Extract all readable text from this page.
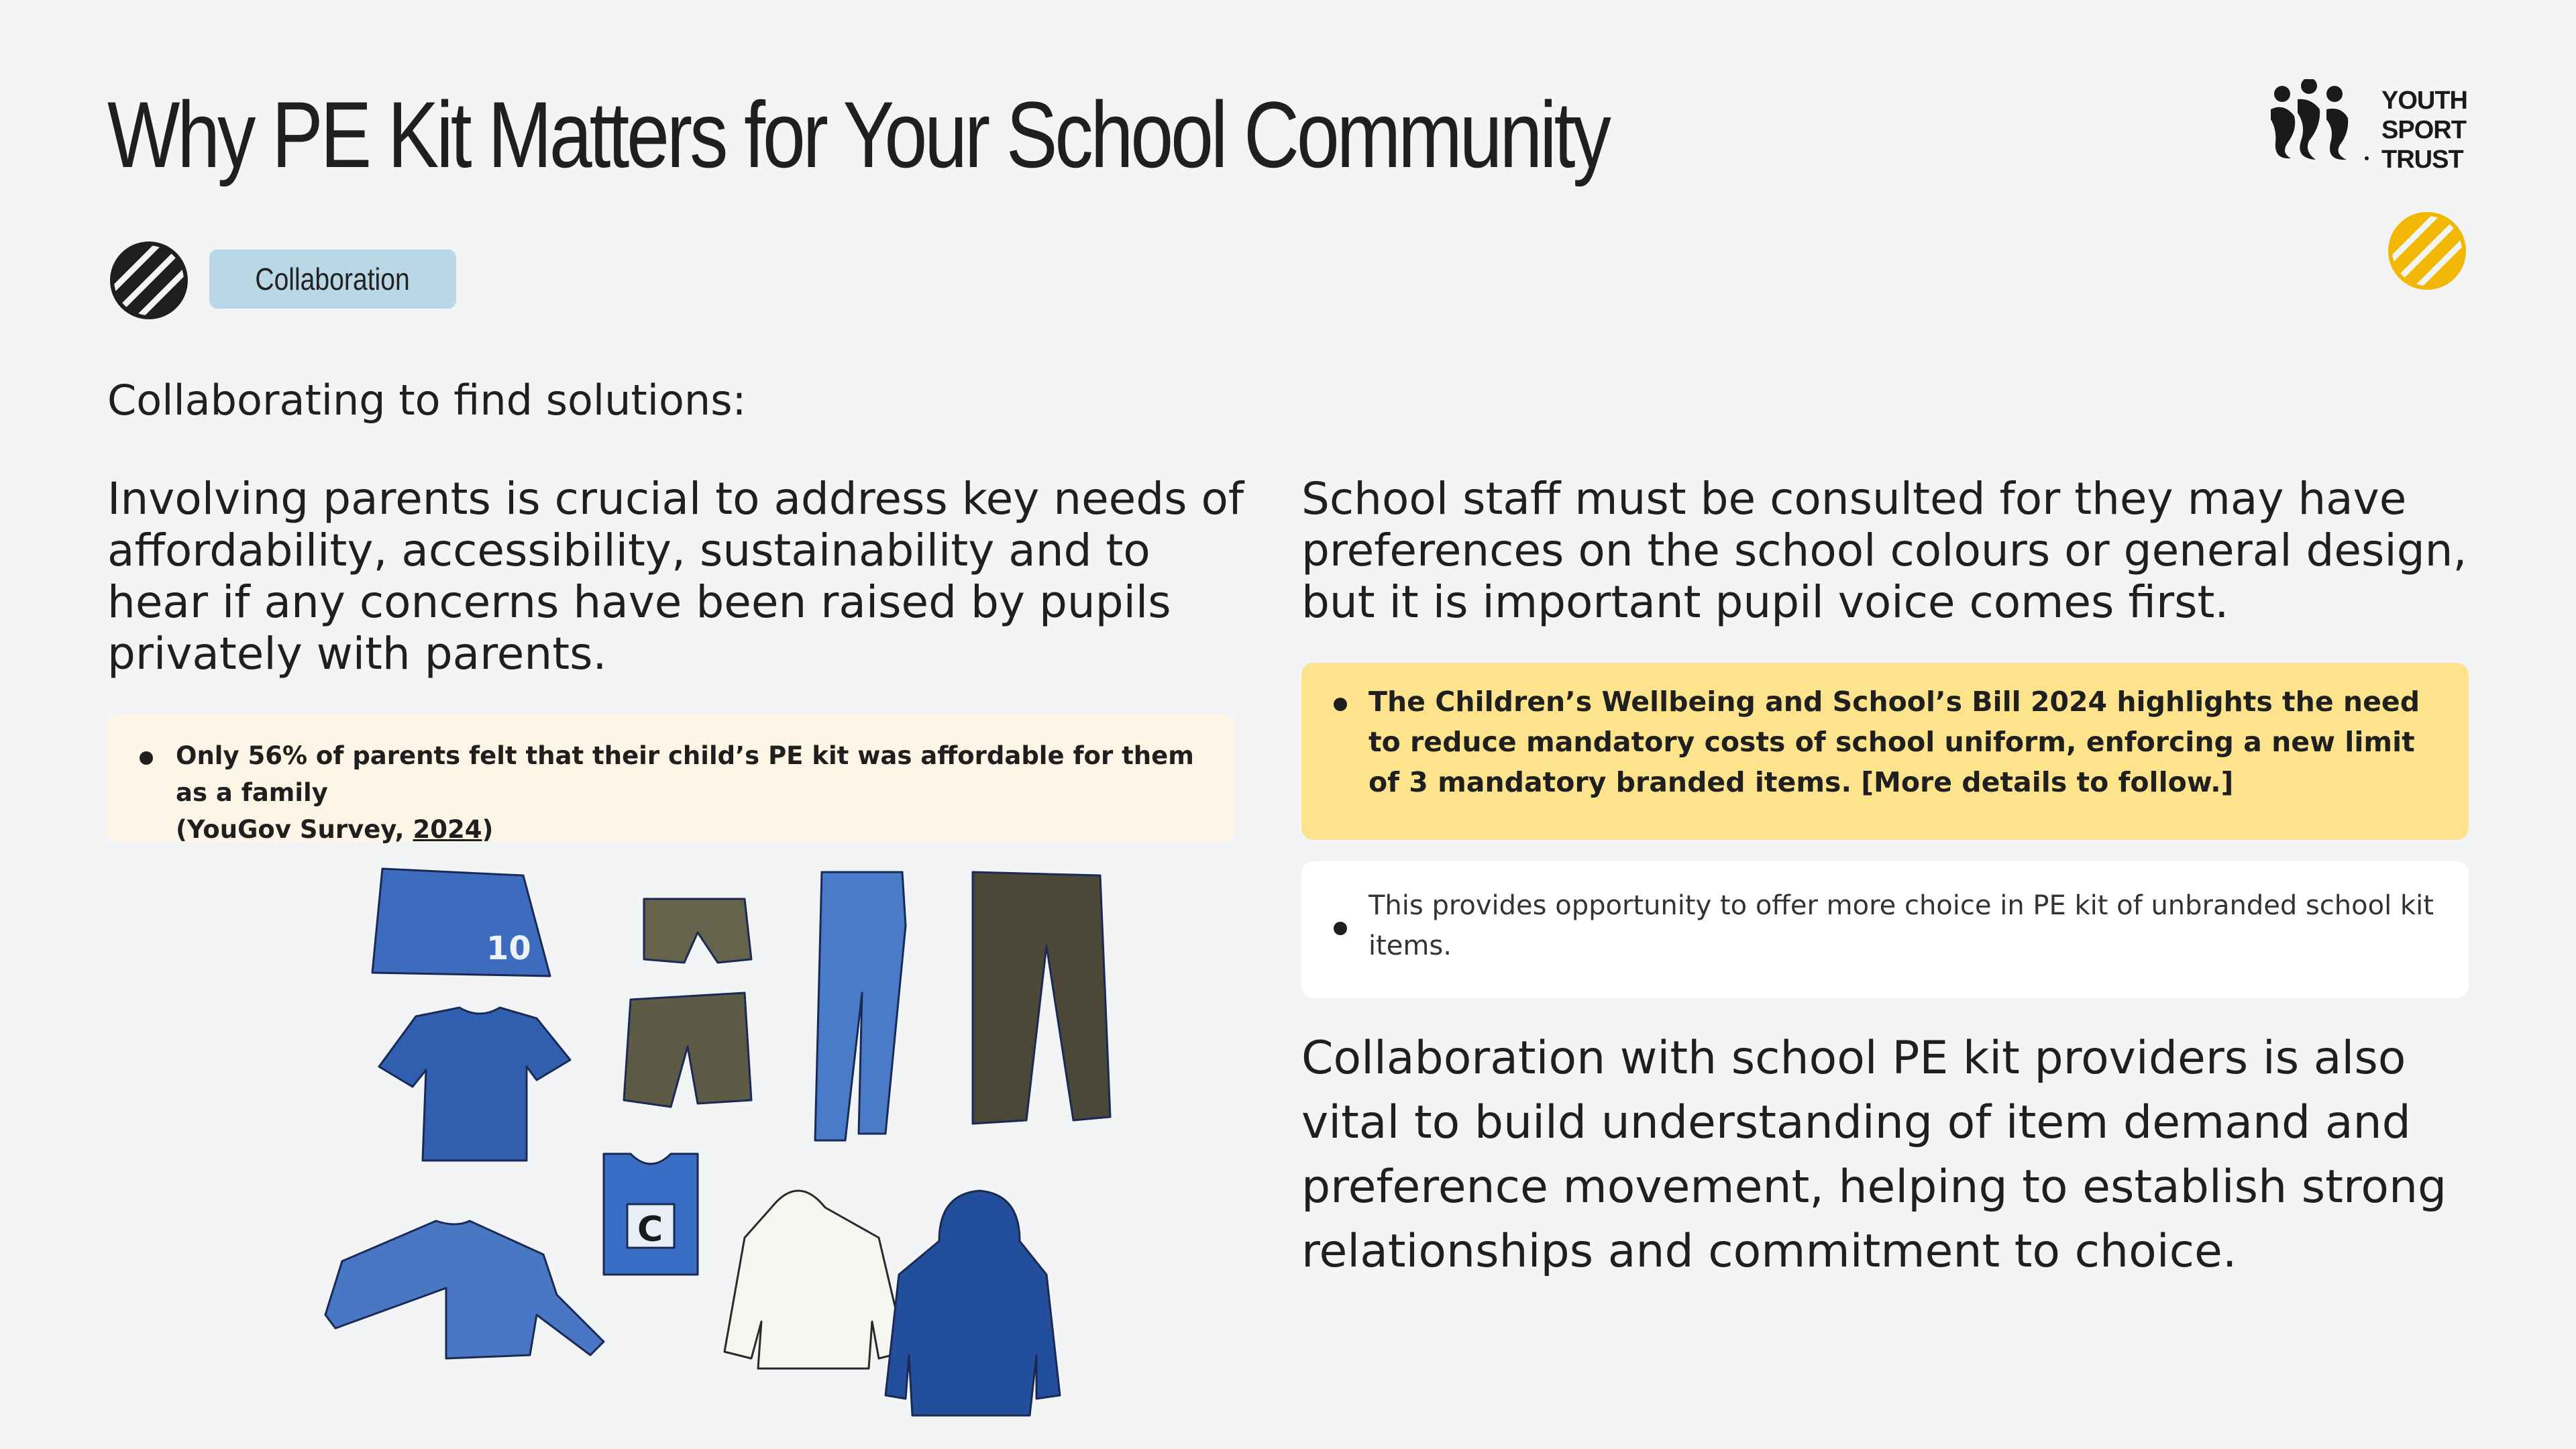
Why PE Kit Matters for Your School Community
Collaboration
YOUTH
SPORT
TRUST
Collaborating to find solutions:
Involving parents is crucial to address key needs of affordability, accessibility, sustainability and to hear if any concerns have been raised by pupils privately with parents.
School staff must be consulted for they may have preferences on the school colours or general design, but it is important pupil voice comes first.
Only 56% of parents felt that their child’s PE kit was affordable for them as a family
(YouGov Survey, 2024)
The Children’s Wellbeing and School’s Bill 2024 highlights the need to reduce mandatory costs of school uniform, enforcing a new limit of 3 mandatory branded items. [More details to follow.]
This provides opportunity to offer more choice in PE kit of unbranded school kit items.
Collaboration with school PE kit providers is also vital to build understanding of item demand and preference movement, helping to establish strong relationships and commitment to choice.
10
C
